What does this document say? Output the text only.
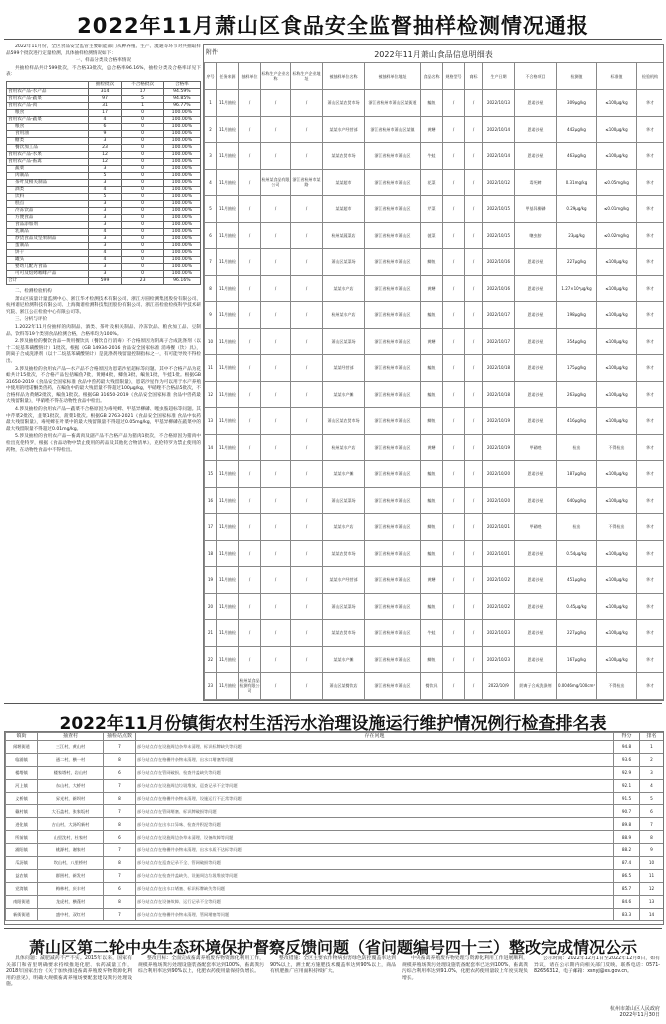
2022年11月萧山区食品安全监督抽样检测情况通报

2022年11月份，全区食品安全监管主要职能部门从种养殖、生产、流通等环节对共抽取样品599个批次进行定量检测，具体抽样检测情况如下：

一、样品分类及合格率情况

共抽检样品共计599批次，不合格33批次，总合格率96.16%，抽检分类及合格率详见下表：

	抽检批次	不合格批次	合格率
食用农产品-水产品	314	17	94.59%
食用农产品-蔬菜	97	5	94.85%
食用农产品-肉	31	1	96.77%
粮食	17	0	100.00%
食用农产品-蔬菜	4	0	100.00%
粮食	6	0	100.00%
食用油	9	0	100.00%
糖类	3	0	100.00%
餐饮加工品	23	0	100.00%
食用农产品-水果	12	0	100.00%
食用农产品-畜禽	12	0	100.00%
蔬菜	3	0	100.00%
肉制品	5	0	100.00%
茶叶及相关制品	3	0	100.00%
酒类	4	0	100.00%
饮料	5	0	100.00%
糕点	3	0	100.00%
冷冻饮品	3	0	100.00%
方便食品	3	0	100.00%
食品添加剂	3	0	100.00%
乳制品	4	0	100.00%
炒货食品及坚果制品	3	0	100.00%
蛋制品	3	0	100.00%
饼干	4	0	100.00%
罐头	4	0	100.00%
婴幼儿配方食品	3	0	100.00%
可可及焙烤咖啡产品	3	0	100.00%
合计	599	23	96.16%

二、检测检验机构

萧山区质量计量监测中心、浙江华才检测技术有限公司、浙江方圆检测集团股份有限公司、杭州谱尼检测科技有限公司、上海微谱检测科技集团股份有限公司、浙江省检验检疫科学技术研究院、浙江公正检验中心有限公司等。

三、分析与评价

1.2022年11月份抽样的肉制品、酒类、茶叶及相关制品、冷冻饮品、粮食加工品、豆制品、饮料等19个类别食品检测合格，合格率均为100%。

2.涉及抽检的餐饮食品—黄用餐饮具（餐饮自行消毒）不合格原因为阴离子合成洗涤剂（以十二烷基苯磺酸钠计）1批次。根据《GB 14934-2016 食品安全国家标准 消毒餐（饮）具》，阴离子合成洗涤剂（以十二烷基苯磺酸钠计）是洗涤剂残留量控制指标之一，有可能导致不得检出。

3.涉及抽检的食用农产品—水产品不合格原因为恩诺沙星超标等问题。其中不合格产品为花蛤共计15批次，不合格产品包括鳊鱼7批，黄鳝4批，鲫鱼3批，鳊鱼1批，牛蛙1批。根据GB 31650-2019《食品安全国家标准 食品中兽药最大残留限量》，恩诺沙星作为可以用于水产养殖中使用的喹诺酮类兽药，在鳊鱼中的最大残留量不得超过100μg/kg，甲硝唑不合格品5批次，不合格样品为黄鳝2批次，鳊鱼1批次。根据GB 31650-2019《食品安全国家标准 食品中兽药最大残留限量》，甲硝唑不得在动物性食品中检出。

4.涉及抽检的食用农产品—蔬菜不合格原因为毒死蜱、甲基异柳磷、噻虫胺超标等问题。其中芹菜2批次，韭菜1批次，菠菜1批次。根据GB 2763-2021《食品安全国家标准 食品中农药最大残留限量》，毒死蜱在叶菜中的最大残留限量不得超过0.05mg/kg，甲基异柳磷在蔬菜中的最大残留限量不得超过0.01mg/kg。

5.涉及抽检的食用农产品—畜禽肉及副产品不合格产品为猪肉1批次，不合格原因为猪肉中检出克伦特罗，根据《食品动物中禁止使用的药品及其他化合物清单》，克伦特罗为禁止使用的药物，在动物性食品中不得检出。

附件	2022年11月萧山食品信息明细表
序号	任务来源	抽样单位	标称生产企业名称	标称生产企业地址	被抽样单位名称	被抽样单位地址	食品名称	规格型号	商标	生产日期	不合格项目	检测值	标准值	检验机构
1	11月抽检	/	/	/	萧山区某农贸市场	浙江省杭州市萧山区某街道	鳊鱼	/	/	2022/10/13	恩诺沙星	309μg/kg	≤100μg/kg	华才
2	11月抽检	/	/	/	某某水产经营部	浙江省杭州市萧山区某镇	黄鳝	/	/	2022/10/14	恩诺沙星	442μg/kg	≤100μg/kg	华才
3	11月抽检	/	/	/	某某农贸市场	浙江省杭州市萧山区	牛蛙	/	/	2022/10/14	恩诺沙星	463μg/kg	≤100μg/kg	华才
4	11月抽检	/	杭州某食品有限公司	浙江省杭州市某路	某某超市	浙江省杭州市萧山区	花菜	/	/	2022/10/12	毒死蜱	0.31mg/kg	≤0.05mg/kg	华才
5	11月抽检	/	/	/	某某超市	浙江省杭州市萧山区	芹菜	/	/	2022/10/15	甲基异柳磷	0.29μg/kg	≤0.01mg/kg	华才
6	11月抽检	/	/	/	杭州某蔬菜店	浙江省杭州市萧山区	菠菜	/	/	2022/10/15	噻虫胺	23μg/kg	≤0.02mg/kg	华才
7	11月抽检	/	/	/	萧山区某菜场	浙江省杭州市萧山区	鲫鱼	/	/	2022/10/16	恩诺沙星	227μg/kg	≤100μg/kg	华才
8	11月抽检	/	/	/	某某水产店	浙江省杭州市萧山区	黄鳝	/	/	2022/10/16	恩诺沙星	1.27×10³μg/kg	≤100μg/kg	华才
9	11月抽检	/	/	/	杭州某水产店	浙江省杭州市萧山区	鳊鱼	/	/	2022/10/17	恩诺沙星	198μg/kg	≤100μg/kg	华才
10	11月抽检	/	/	/	萧山区某菜场	浙江省杭州市萧山区	黄鳝	/	/	2022/10/17	恩诺沙星	354μg/kg	≤100μg/kg	华才
11	11月抽检	/	/	/	某某经营部	浙江省杭州市萧山区	鳊鱼	/	/	2022/10/18	恩诺沙星	175μg/kg	≤100μg/kg	华才
12	11月抽检	/	/	/	某某水产摊	浙江省杭州市萧山区	鳊鱼	/	/	2022/10/18	恩诺沙星	263μg/kg	≤100μg/kg	华才
13	11月抽检	/	/	/	萧山区某农贸市场	浙江省杭州市萧山区	鲫鱼	/	/	2022/10/19	恩诺沙星	416μg/kg	≤100μg/kg	华才
14	11月抽检	/	/	/	杭州某水产店	浙江省杭州市萧山区	黄鳝	/	/	2022/10/19	甲硝唑	检出	不得检出	华才
15	11月抽检	/	/	/	某某水产摊	浙江省杭州市萧山区	鳊鱼	/	/	2022/10/20	恩诺沙星	187μg/kg	≤100μg/kg	华才
16	11月抽检	/	/	/	萧山区某菜场	浙江省杭州市萧山区	鳊鱼	/	/	2022/10/20	恩诺沙星	640μg/kg	≤100μg/kg	华才
17	11月抽检	/	/	/	某某水产店	浙江省杭州市萧山区	鲫鱼	/	/	2022/10/21	甲硝唑	检出	不得检出	华才
18	11月抽检	/	/	/	某某农贸市场	浙江省杭州市萧山区	鳊鱼	/	/	2022/10/21	恩诺沙星	0.54μg/kg	≤100μg/kg	华才
19	11月抽检	/	/	/	某某水产经营部	浙江省杭州市萧山区	黄鳝	/	/	2022/10/22	恩诺沙星	451μg/kg	≤100μg/kg	华才
20	11月抽检	/	/	/	萧山区某菜场	浙江省杭州市萧山区	鳊鱼	/	/	2022/10/22	恩诺沙星	0.45μg/kg	≤100μg/kg	华才
21	11月抽检	/	/	/	某某农贸市场	浙江省杭州市萧山区	牛蛙	/	/	2022/10/23	恩诺沙星	227μg/kg	≤100μg/kg	华才
22	11月抽检	/	/	/	某某水产摊	浙江省杭州市萧山区	鲫鱼	/	/	2022/10/23	恩诺沙星	167μg/kg	≤100μg/kg	华才
23	11月抽检	杭州某食品检测有限公司	/	/	萧山区某餐饮店	浙江省杭州市萧山区	餐饮具	/	/	2022/10/9	阴离子合成洗涤剂	0.0046mg/100cm²	不得检出	华才
2022年11月份镇街农村生活污水治理设施运行维护情况例行检查排名表
镇街	抽查村	抽检站点数	存在问题	得分	排名
闻堰街道	三江村，黄山村	7	部分站点存在设施周边杂草未清理、标识标牌缺失等问题	94.8	1
临浦镇	通二村，横一村	8	部分站点存在格栅井杂物未清理、出水口堵塞等问题	93.6	2
楼塔镇	楼家塔村，岩山村	6	部分站点存在管网破损、检查井盖缺失等问题	92.9	3
河上镇	东山村，大桥村	7	部分站点存在设施周边垃圾堆放、巡查记录不全等问题	92.1	4
义桥镇	昇光村，新坝村	8	部分站点存在格栅井杂物未清理、设施运行不正常等问题	91.5	5
戴村镇	大石盖村，张家坂村	7	部分站点存在管网堵塞、标识牌破损等问题	90.7	6
进化镇	吉山村，大汤坞新村	8	部分站点存在出水口异味、检查井积泥等问题	89.8	7
所前镇	山里沈村，杜家村	6	部分站点存在设施周边杂草未清理、设备故障等问题	88.9	8
浦阳镇	桃源村，谢家村	7	部分站点存在格栅井杂物未清理、出水水质不达标等问题	88.2	9
瓜沥镇	坎山村，八里桥村	8	部分站点存在巡查记录不全、管网破损等问题	87.4	10
益农镇	群围村，新发村	7	部分站点存在检查井盖缺失、设施周边垃圾堆放等问题	86.5	11
党湾镇	梅林村，庆丰村	6	部分站点存在出水口堵塞、标识标牌缺失等问题	85.7	12
南阳街道	龙虎村，横蓬村	8	部分站点存在设备故障、运行记录不全等问题	84.6	13
新街街道	盛中村，双红村	7	部分站点存在格栅井杂物未清理、管网堵塞等问题	83.3	14
萧山区第二轮中央生态环境保护督察反馈问题（省问题编号四十三）整改完成情况公示

具体问题：减肥减药不严不实。2015年以来，国家有关部门和省里明确要求持续推进化肥、农药减量工作，2018年国家出台《关于加快推进畜禽养殖废弃物资源化利用的意见》，明确大规模畜禽养殖场要配套建设粪污处理设施。

整改目标：全面完成畜禽养殖废弃物资源化利用工作，规模养殖场粪污处理设施装备配套率达到100%，畜禽粪污综合利用率达到90%以上，化肥农药使用量保持负增长。

整改措施：全区主要农作物病虫害绿色防控覆盖率达到90%以上，测土配方施肥技术覆盖率达到90%以上，商品有机肥推广应用面积持续扩大。

中央畜禽养殖废弃物处理与资源化利用工作进展顺利，规模养殖场粪污处理设施装备配套率已达到100%，畜禽粪污综合利用率达到91.0%，化肥农药使用量较上年度实现负增长。

公示时间：2022年12月1日至2022年12月8日，如有异议，请在公示期内向相关部门反映。联系电话：0571-82656312，电子邮箱：xsnyj@xs.gov.cn。

杭州市萧山区人民政府
2022年11月30日
